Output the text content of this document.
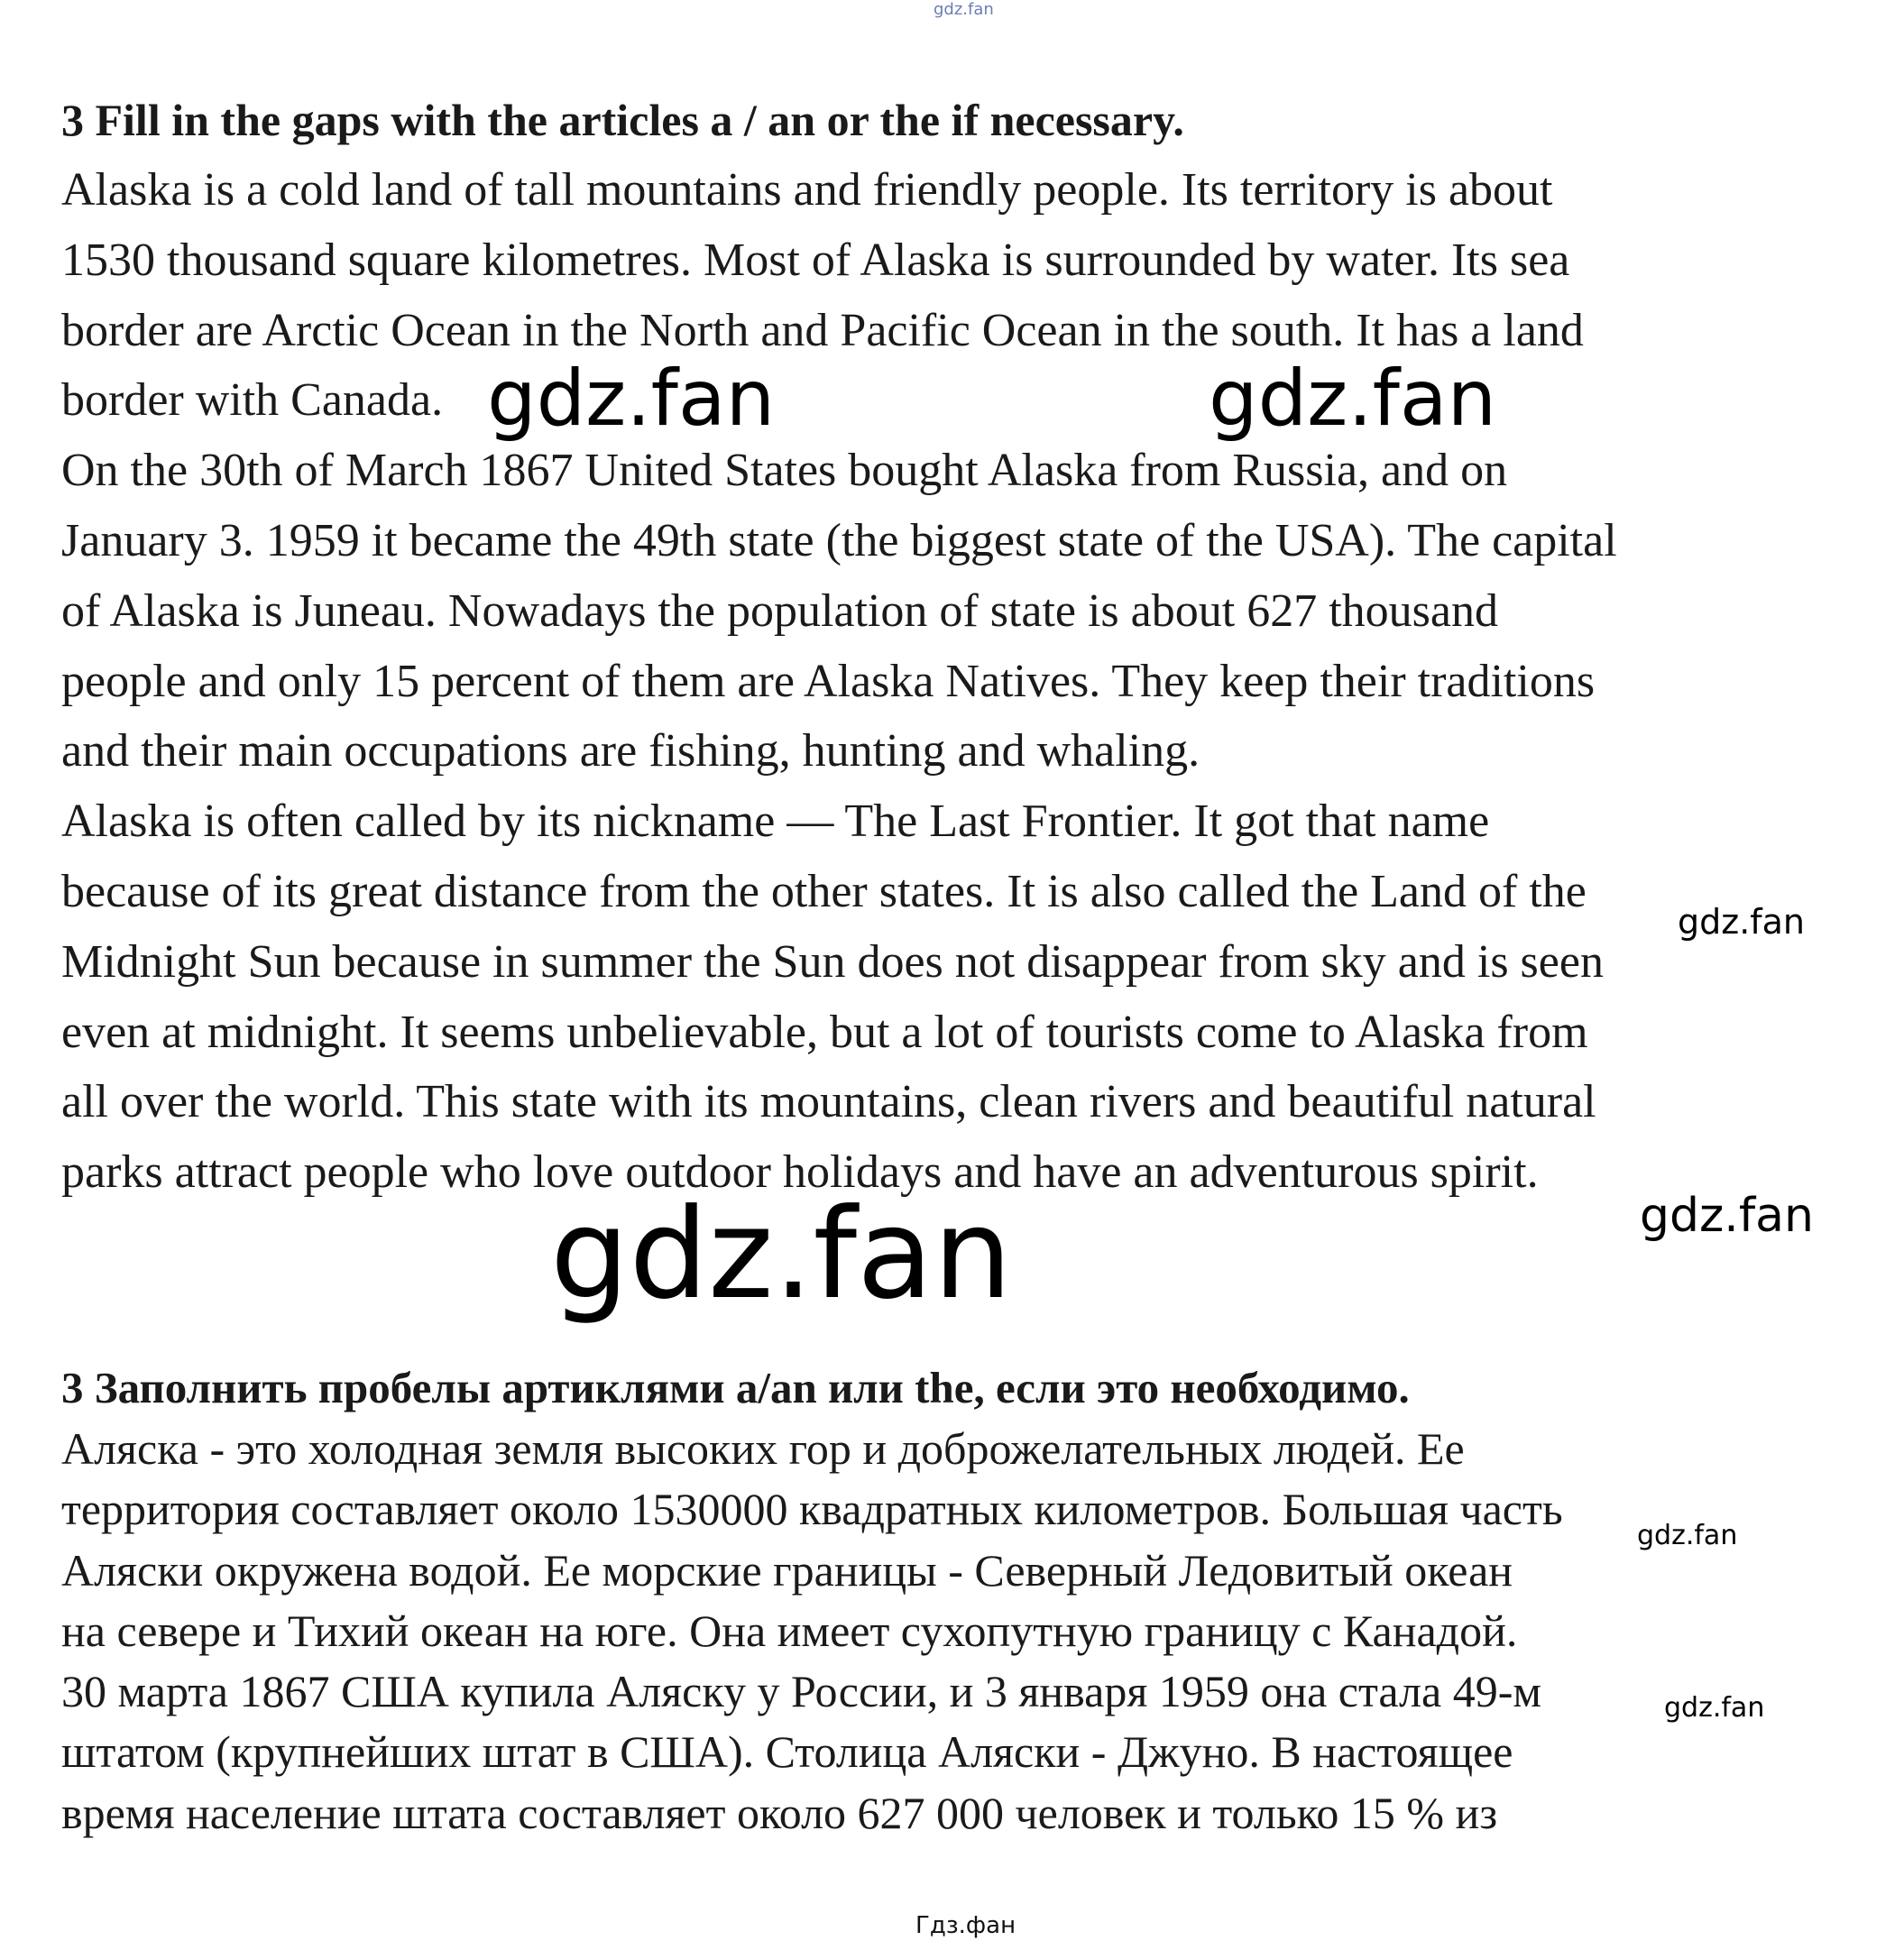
gdz.fan

3 Fill in the gaps with the articles a / an or the if necessary.

Alaska is a cold land of tall mountains and friendly people. Its territory is about

1530 thousand square kilometres. Most of Alaska is surrounded by water. Its sea

border are Arctic Ocean in the North and Pacific Ocean in the south. It has a land

border with Canada.

On the 30th of March 1867 United States bought Alaska from Russia, and on

January 3. 1959 it became the 49th state (the biggest state of the USA). The capital

of Alaska is Juneau. Nowadays the population of state is about 627 thousand

people and only 15 percent of them are Alaska Natives. They keep their traditions

and their main occupations are fishing, hunting and whaling.

Alaska is often called by its nickname — The Last Frontier. It got that name

because of its great distance from the other states. It is also called the Land of the

Midnight Sun because in summer the Sun does not disappear from sky and is seen

even at midnight. It seems unbelievable, but a lot of tourists come to Alaska from

all over the world. This state with its mountains, clean rivers and beautiful natural

parks attract people who love outdoor holidays and have an adventurous spirit.

3 Заполнить пробелы артиклями a/an или the, если это необходимо.

Аляска - это холодная земля высоких гор и доброжелательных людей. Ее

территория составляет около 1530000 квадратных километров. Большая часть

Аляски окружена водой. Ее морские границы - Северный Ледовитый океан

на севере и Тихий океан на юге. Она имеет сухопутную границу с Канадой.

30 марта 1867 США купила Аляску у России, и 3 января 1959 она стала 49-м

штатом (крупнейших штат в США). Столица Аляски - Джуно. В настоящее

время население штата составляет около 627 000 человек и только 15 % из

gdz.fan	gdz.fan
gdz.fan
gdz.fan	gdz.fan
gdz.fan
gdz.fan
Гдз.фан
